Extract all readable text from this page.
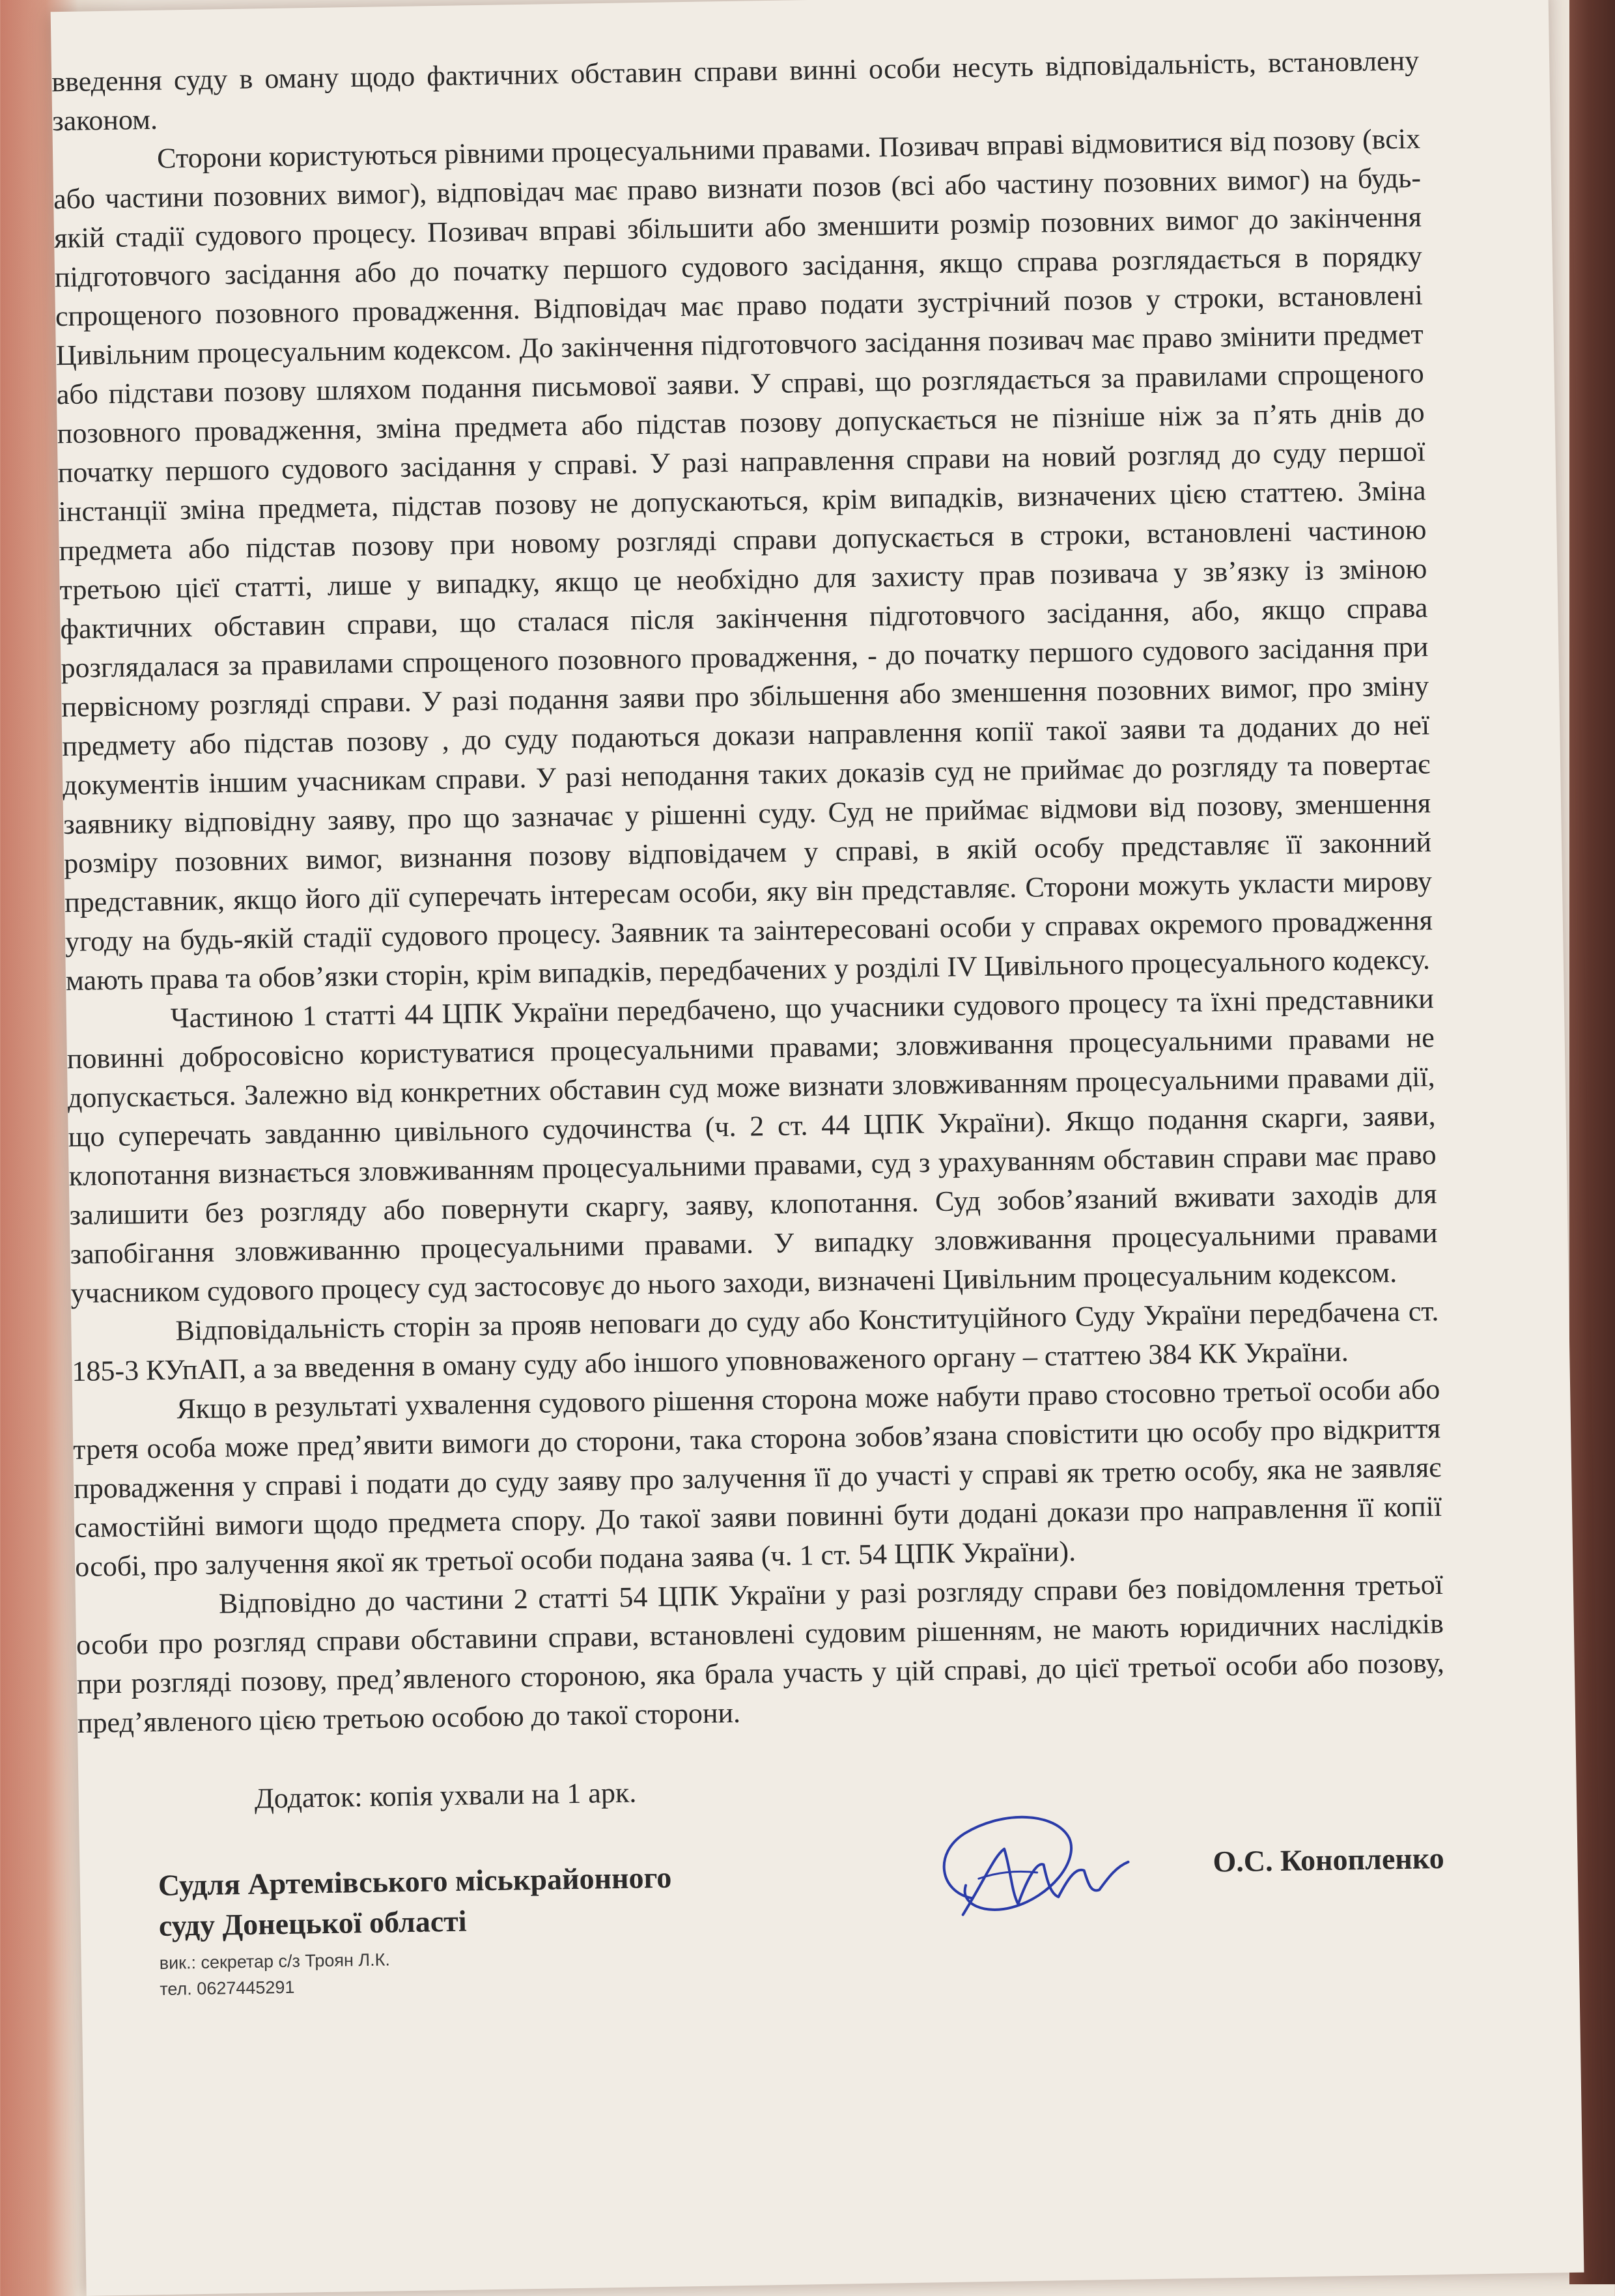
введення суду в оману щодо фактичних обставин справи винні особи несуть відповідальність, встановлену законом.

Сторони користуються рівними процесуальними правами. Позивач вправі відмовитися від позову (всіх або частини позовних вимог), відповідач має право визнати позов (всі або частину позовних вимог) на будь-якій стадії судового процесу. Позивач вправі збільшити або зменшити розмір позовних вимог до закінчення підготовчого засідання або до початку першого судового засідання, якщо справа розглядається в порядку спрощеного позовного провадження. Відповідач має право подати зустрічний позов у строки, встановлені Цивільним процесуальним кодексом. До закінчення підготовчого засідання позивач має право змінити предмет або підстави позову шляхом подання письмової заяви. У справі, що розглядається за правилами спрощеного позовного провадження, зміна предмета або підстав позову допускається не пізніше ніж за п’ять днів до початку першого судового засідання у справі. У разі направлення справи на новий розгляд до суду першої інстанції зміна предмета, підстав позову не допускаються, крім випадків, визначених цією статтею. Зміна предмета або підстав позову при новому розгляді справи допускається в строки, встановлені частиною третьою цієї статті, лише у випадку, якщо це необхідно для захисту прав позивача у зв’язку із зміною фактичних обставин справи, що сталася після закінчення підготовчого засідання, або, якщо справа розглядалася за правилами спрощеного позовного провадження, - до початку першого судового засідання при первісному розгляді справи. У разі подання заяви про збільшення або зменшення позовних вимог, про зміну предмету або підстав позову , до суду подаються докази направлення копії такої заяви та доданих до неї документів іншим учасникам справи. У разі неподання таких доказів суд не приймає до розгляду та повертає заявнику відповідну заяву, про що зазначає у рішенні суду. Суд не приймає відмови від позову, зменшення розміру позовних вимог, визнання позову відповідачем у справі, в якій особу представляє її законний представник, якщо його дії суперечать інтересам особи, яку він представляє. Сторони можуть укласти мирову угоду на будь-якій стадії судового процесу. Заявник та заінтересовані особи у справах окремого провадження мають права та обов’язки сторін, крім випадків, передбачених у розділі IV Цивільного процесуального кодексу.

Частиною 1 статті 44 ЦПК України передбачено, що учасники судового процесу та їхні представники повинні добросовісно користуватися процесуальними правами; зловживання процесуальними правами не допускається. Залежно від конкретних обставин суд може визнати зловживанням процесуальними правами дії, що суперечать завданню цивільного судочинства (ч. 2 ст. 44 ЦПК України). Якщо подання скарги, заяви, клопотання визнається зловживанням процесуальними правами, суд з урахуванням обставин справи має право залишити без розгляду або повернути скаргу, заяву, клопотання. Суд зобов’язаний вживати заходів для запобігання зловживанню процесуальними правами. У випадку зловживання процесуальними правами учасником судового процесу суд застосовує до нього заходи, визначені Цивільним процесуальним кодексом.

Відповідальність сторін за прояв неповаги до суду або Конституційного Суду України передбачена ст. 185-3 КУпАП, а за введення в оману суду або іншого уповноваженого органу – статтею 384 КК України.

Якщо в результаті ухвалення судового рішення сторона може набути право стосовно третьої особи або третя особа може пред’явити вимоги до сторони, така сторона зобов’язана сповістити цю особу про відкриття провадження у справі і подати до суду заяву про залучення її до участі у справі як третю особу, яка не заявляє самостійні вимоги щодо предмета спору. До такої заяви повинні бути додані докази про направлення її копії особі, про залучення якої як третьої особи подана заява (ч. 1 ст. 54 ЦПК України).

Відповідно до частини 2 статті 54 ЦПК України у разі розгляду справи без повідомлення третьої особи про розгляд справи обставини справи, встановлені судовим рішенням, не мають юридичних наслідків при розгляді позову, пред’явленого стороною, яка брала участь у цій справі, до цієї третьої особи або позову, пред’явленого цією третьою особою до такої сторони.

Додаток: копія ухвали на 1 арк.

Судля Артемівського міськрайонного
суду Донецької області
вик.: секретар с/з Троян Л.К.
тел. 0627445291
О.С. Конопленко
